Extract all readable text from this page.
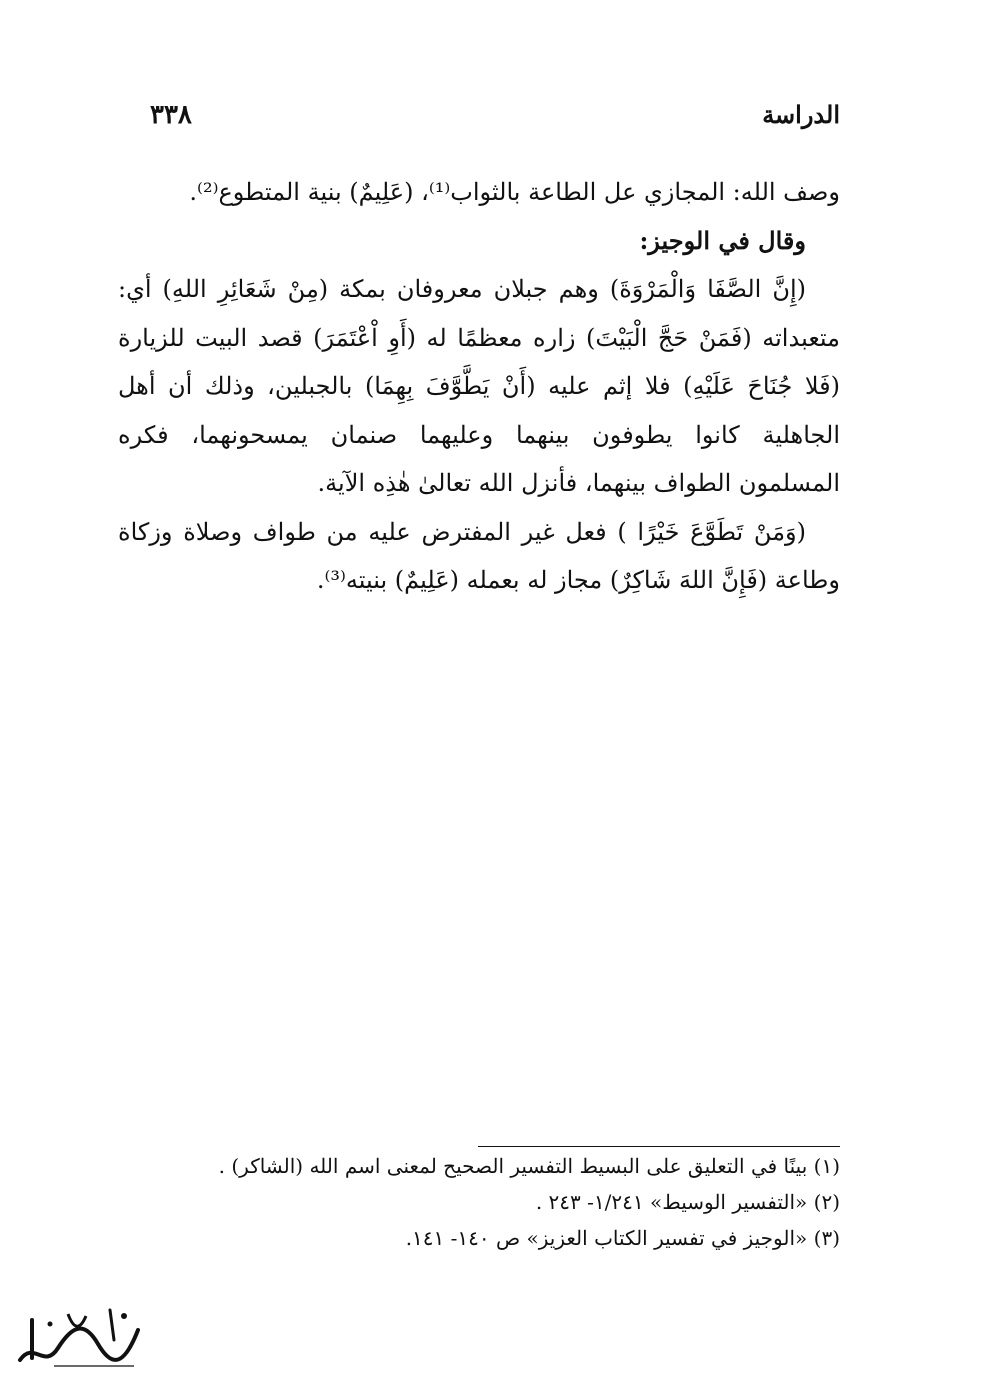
٣٣٨	الدراسة

وصف الله: المجازي عل الطاعة بالثواب⁽¹⁾، (عَلِيمٌ) بنية المتطوع⁽²⁾.

وقال في الوجيز:

(إِنَّ الصَّفَا وَالْمَرْوَةَ) وهم جبلان معروفان بمكة (مِنْ شَعَائِرِ اللهِ) أي: متعبداته (فَمَنْ حَجَّ الْبَيْتَ) زاره معظمًا له (أَوِ اْعْتَمَرَ) قصد البيت للزيارة (فَلا جُنَاحَ عَلَيْهِ) فلا إثم عليه (أَنْ يَطَّوَّفَ بِهِمَا) بالجبلين، وذلك أن أهل الجاهلية كانوا يطوفون بينهما وعليهما صنمان يمسحونهما، فكره المسلمون الطواف بينهما، فأنزل الله تعالىٰ هٰذِه الآية.

(وَمَنْ تَطَوَّعَ خَيْرًا ) فعل غير المفترض عليه من طواف وصلاة وزكاة وطاعة (فَإِنَّ اللهَ شَاكِرٌ) مجاز له بعمله (عَلِيمٌ) بنيته⁽³⁾.

(١) بينًا في التعليق على البسيط التفسير الصحيح لمعنى اسم الله (الشاكر) .

(٢) «التفسير الوسيط» ١/٢٤١- ٢٤٣ .

(٣) «الوجيز في تفسير الكتاب العزيز» ص ١٤٠- ١٤١.
